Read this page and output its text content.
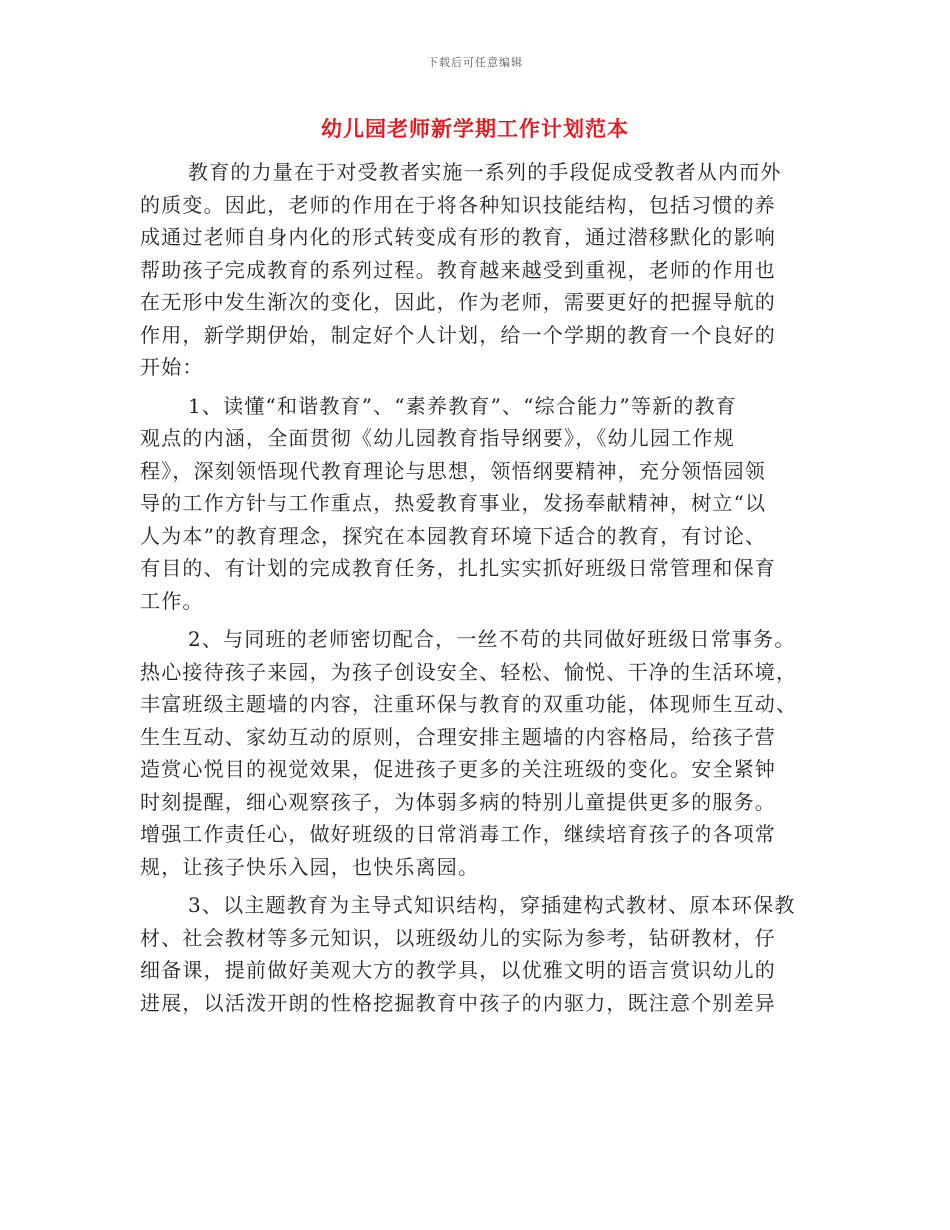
下载后可任意编辑
幼儿园老师新学期工作计划范本
教育的力量在于对受教者实施一系列的手段促成受教者从内而外
的质变。因此，老师的作用在于将各种知识技能结构，包括习惯的养
成通过老师自身内化的形式转变成有形的教育，通过潜移默化的影响
帮助孩子完成教育的系列过程。教育越来越受到重视，老师的作用也
在无形中发生渐次的变化，因此，作为老师，需要更好的把握导航的
作用，新学期伊始，制定好个人计划，给一个学期的教育一个良好的
开始：
1、读懂“和谐教育”、“素养教育”、“综合能力”等新的教育
观点的内涵，全面贯彻《幼儿园教育指导纲要》，《幼儿园工作规
程》，深刻领悟现代教育理论与思想，领悟纲要精神，充分领悟园领
导的工作方针与工作重点，热爱教育事业，发扬奉献精神，树立“以
人为本”的教育理念，探究在本园教育环境下适合的教育，有讨论、
有目的、有计划的完成教育任务，扎扎实实抓好班级日常管理和保育
工作。
2、与同班的老师密切配合，一丝不苟的共同做好班级日常事务。
热心接待孩子来园，为孩子创设安全、轻松、愉悦、干净的生活环境，
丰富班级主题墙的内容，注重环保与教育的双重功能，体现师生互动、
生生互动、家幼互动的原则，合理安排主题墙的内容格局，给孩子营
造赏心悦目的视觉效果，促进孩子更多的关注班级的变化。安全紧钟
时刻提醒，细心观察孩子，为体弱多病的特别儿童提供更多的服务。
增强工作责任心，做好班级的日常消毒工作，继续培育孩子的各项常
规，让孩子快乐入园，也快乐离园。
3、以主题教育为主导式知识结构，穿插建构式教材、原本环保教
材、社会教材等多元知识，以班级幼儿的实际为参考，钻研教材，仔
细备课，提前做好美观大方的教学具，以优雅文明的语言赏识幼儿的
进展，以活泼开朗的性格挖掘教育中孩子的内驱力，既注意个别差异
